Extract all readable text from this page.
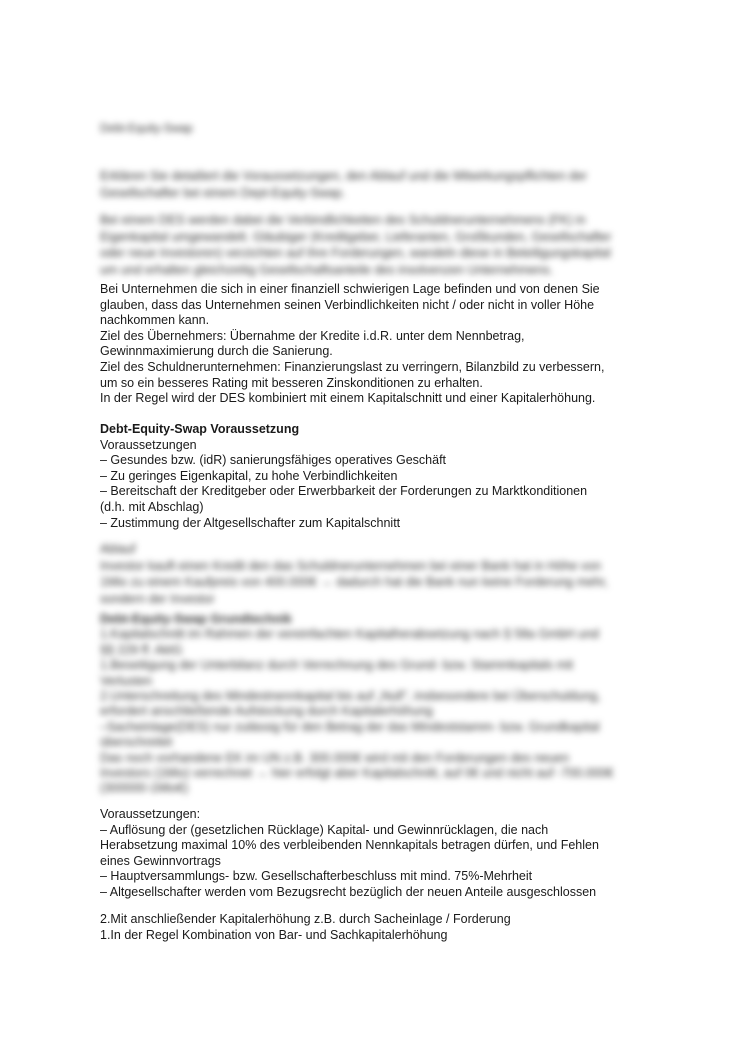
Debt-Equity-Swap

Erklären Sie detailiert die Voraussetzungen, den Ablauf und die Mitwirkungspflichten der

Gesellschafter bei einem Dept-Equity-Swap.

Bei einem DES werden dabei die Verbindlichkeiten des Schuldnerunternehmens (FK) in

Eigenkapital umgewandelt. Gläubiger (Kreditgeber, Lieferanten, Großkunden, Gesellschafter

oder neue Investoren) verzichten auf ihre Forderungen, wandeln diese in Beteiligungskapital

um und erhalten gleichzeitig Gesellschaftsanteile des insolvenzen Unternehmens.

Bei Unternehmen die sich in einer finanziell schwierigen Lage befinden und von denen Sie

glauben, dass das Unternehmen seinen Verbindlichkeiten nicht / oder nicht in voller Höhe

nachkommen kann.

Ziel des Übernehmers: Übernahme der Kredite i.d.R. unter dem Nennbetrag,

Gewinnmaximierung durch die Sanierung.

Ziel des Schuldnerunternehmen: Finanzierungslast zu verringern, Bilanzbild zu verbessern,

um so ein besseres Rating mit besseren Zinskonditionen zu erhalten.

In der Regel wird der DES kombiniert mit einem Kapitalschnitt und einer Kapitalerhöhung.

Debt-Equity-Swap Voraussetzung

Voraussetzungen

– Gesundes bzw. (idR) sanierungsfähiges operatives Geschäft

– Zu geringes Eigenkapital, zu hohe Verbindlichkeiten

– Bereitschaft der Kreditgeber oder Erwerbbarkeit der Forderungen zu Marktkonditionen

(d.h. mit Abschlag)

– Zustimmung der Altgesellschafter zum Kapitalschnitt

Ablauf

Investor kauft einen Kredit den das Schuldnerunternehmen bei einer Bank hat in Höhe von

1Mio zu einem Kaufpreis von 400.000€ → dadurch hat die Bank nun keine Forderung mehr,

sondern der Investor

Debt-Equity-Swap Grundtechnik

1.Kapitalschnitt im Rahmen der vereinfachten Kapitalherabsetzung nach § 58a GmbH und

§§ 229 ff. AktG

1.Beseitigung der Unterbilanz durch Verrechnung des Grund- bzw. Stammkapitals mit

Verlusten

2.Unterschreitung des Mindestnennkapital bis auf „Null", insbesondere bei Überschuldung,

erfordert anschließende Aufstockung durch Kapitalerhöhung

–Sacheinlage(DES) nur zulässig für den Betrag der das Mindeststamm- bzw. Grundkapital

überschreitet

Das noch vorhandene EK im UN z.B. 300.000€ wird mit den Forderungen des neuen

Investors (1Mio) verrechnet → hier erfolgt aber Kapitalschnitt, auf 0€ und nicht auf -700.000€

(300000-1Mio€)

Voraussetzungen:

– Auflösung der (gesetzlichen Rücklage) Kapital- und Gewinnrücklagen, die nach

Herabsetzung maximal 10% des verbleibenden Nennkapitals betragen dürfen, und Fehlen

eines Gewinnvortrags

– Hauptversammlungs- bzw. Gesellschafterbeschluss mit mind. 75%-Mehrheit

– Altgesellschafter werden vom Bezugsrecht bezüglich der neuen Anteile ausgeschlossen

2.Mit anschließender Kapitalerhöhung z.B. durch Sacheinlage / Forderung

1.In der Regel Kombination von Bar- und Sachkapitalerhöhung
